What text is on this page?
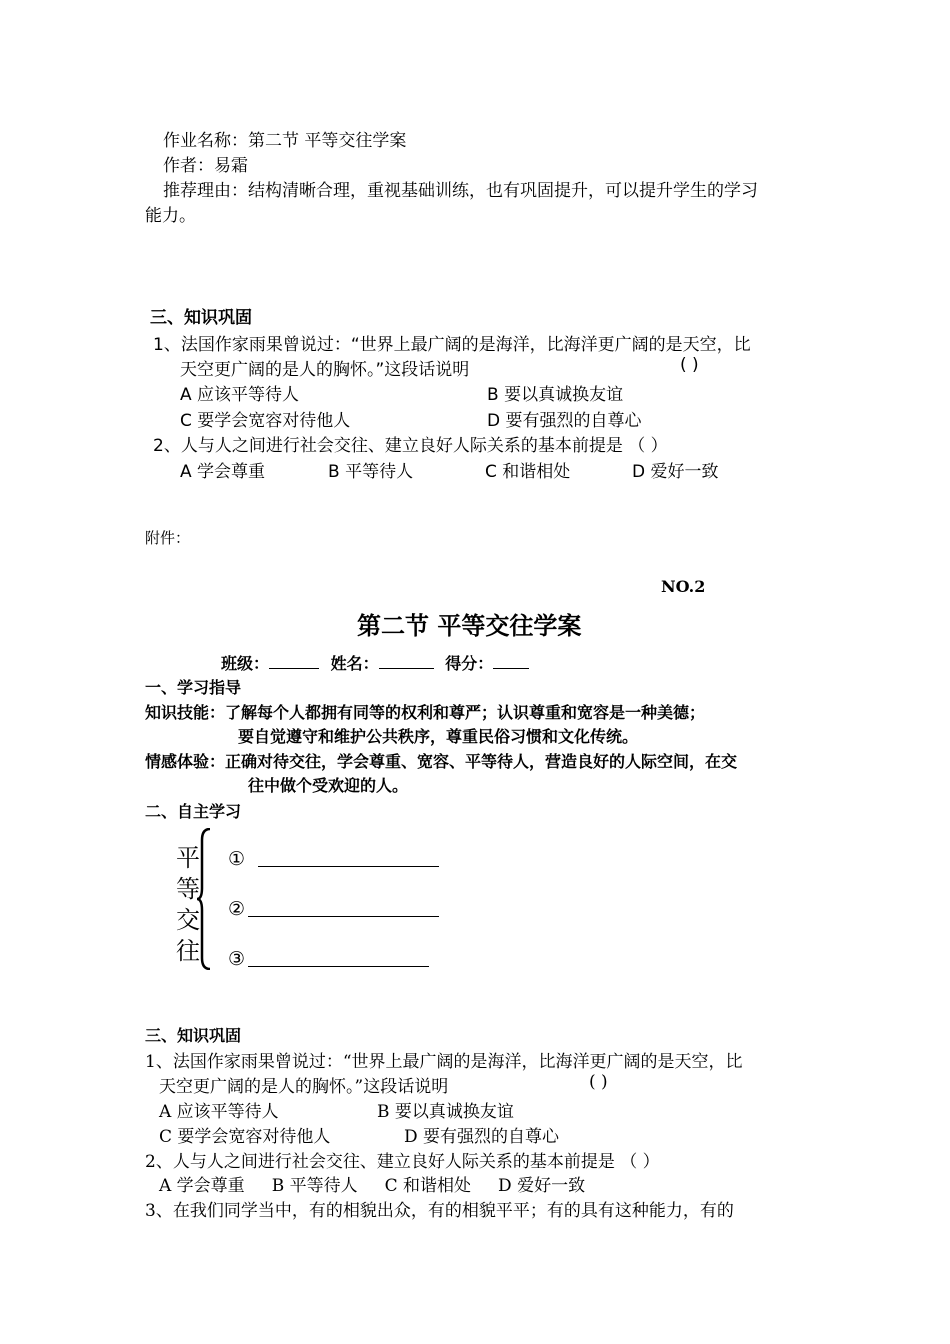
作业名称：第二节 平等交往学案
作者：易霜
推荐理由：结构清晰合理，重视基础训练，也有巩固提升，可以提升学生的学习
能力。
三、知识巩固
1、法国作家雨果曾说过：“世界上最广阔的是海洋，比海洋更广阔的是天空，比
天空更广阔的是人的胸怀。”这段话说明	( )
A 应该平等待人	B 要以真诚换友谊
C 要学会宽容对待他人	D 要有强烈的自尊心
2、人与人之间进行社会交往、建立良好人际关系的基本前提是 （ ）
A 学会尊重	B 平等待人	C 和谐相处	D 爱好一致
附件：
NO.2
第二节 平等交往学案
班级：	姓名：	得分：
一、学习指导
知识技能：了解每个人都拥有同等的权利和尊严；认识尊重和宽容是一种美德；
要自觉遵守和维护公共秩序，尊重民俗习惯和文化传统。
情感体验：正确对待交往，学会尊重、宽容、平等待人，营造良好的人际空间，在交
往中做个受欢迎的人。
二、自主学习
平
等
交
往
①
②
③
三、知识巩固
1、法国作家雨果曾说过：“世界上最广阔的是海洋，比海洋更广阔的是天空，比
天空更广阔的是人的胸怀。”这段话说明	( )
A 应该平等待人	B 要以真诚换友谊
C 要学会宽容对待他人	D 要有强烈的自尊心
2、人与人之间进行社会交往、建立良好人际关系的基本前提是 （ ）
A 学会尊重     B 平等待人     C 和谐相处     D 爱好一致
3、在我们同学当中，有的相貌出众，有的相貌平平；有的具有这种能力，有的
